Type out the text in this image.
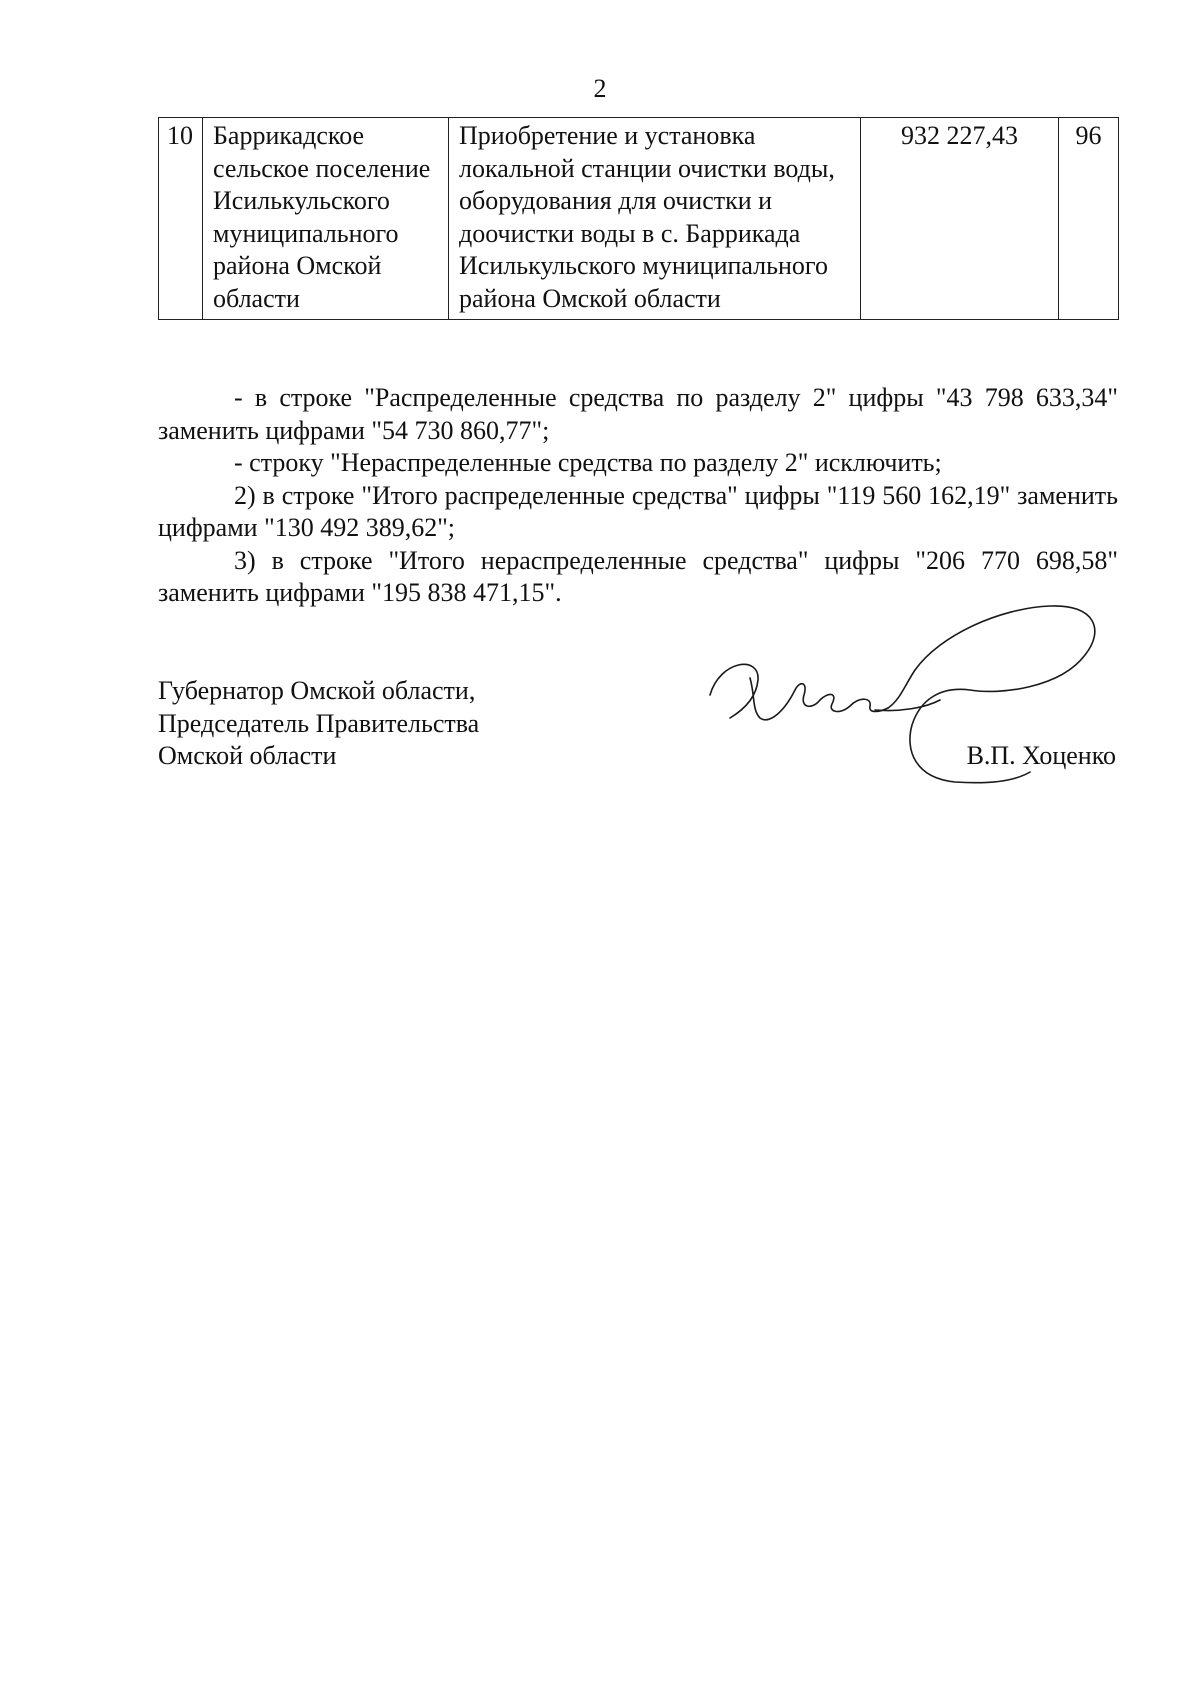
2
10	Баррикадское сельское поселение Исилькульского муниципального района Омской области	Приобретение и установка локальной станции очистки воды, оборудования для очистки и доочистки воды в с. Баррикада Исилькульского муниципального района Омской области	932 227,43	96

- в строке "Распределенные средства по разделу 2" цифры "43 798 633,34" заменить цифрами "54 730 860,77";

- строку "Нераспределенные средства по разделу 2" исключить;

2) в строке "Итого распределенные средства" цифры "119 560 162,19" заменить цифрами "130 492 389,62";

3) в строке "Итого нераспределенные средства" цифры "206 770 698,58" заменить цифрами "195 838 471,15".

Губернатор Омской области,
Председатель Правительства
Омской области	В.П. Хоценко
